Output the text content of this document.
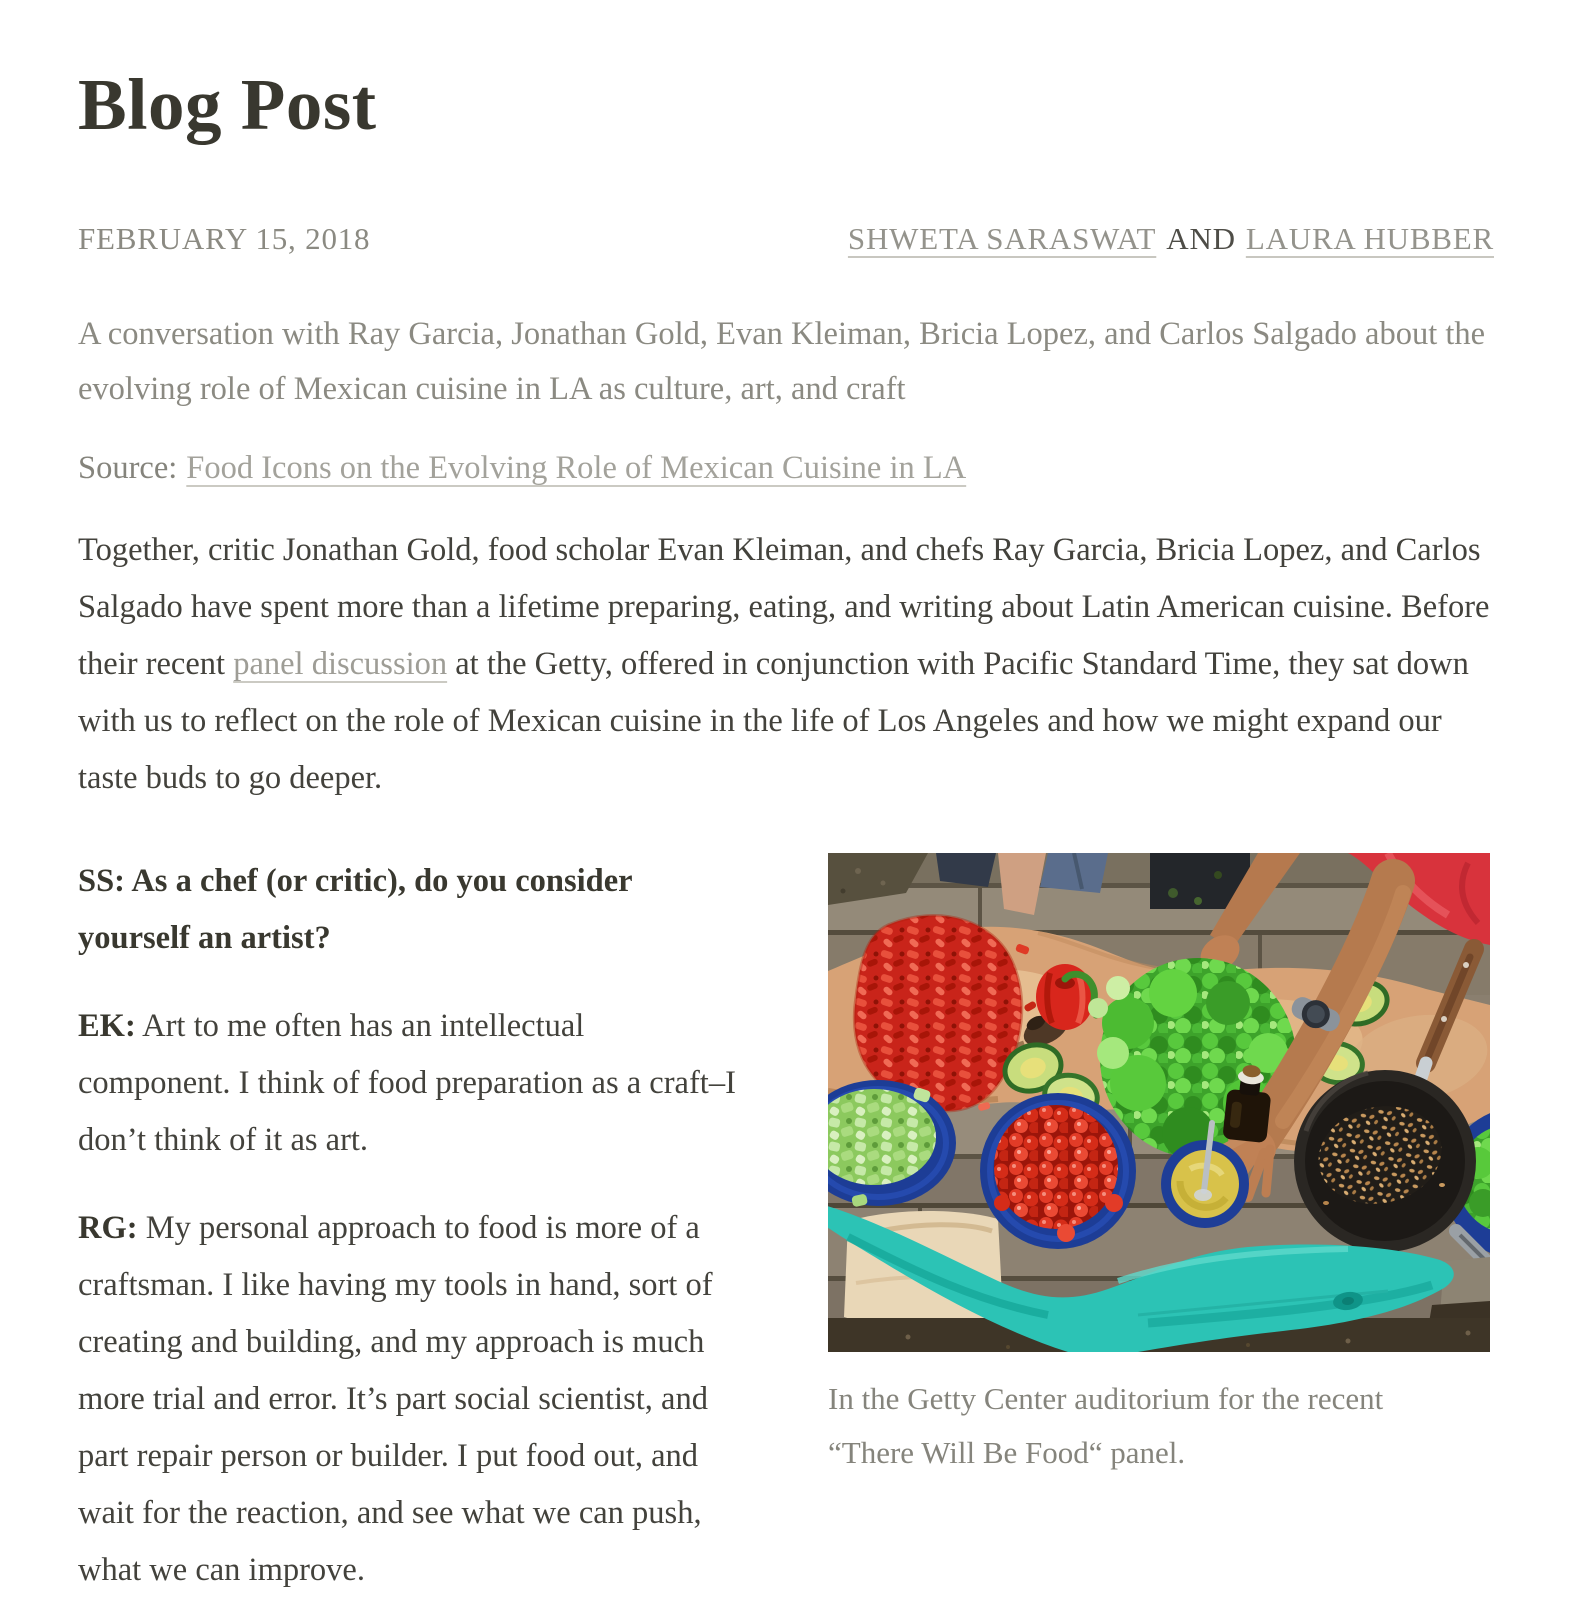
Blog Post
FEBRUARY 15, 2018	SHWETA SARASWAT AND LAURA HUBBER

A conversation with Ray Garcia, Jonathan Gold, Evan Kleiman, Bricia Lopez, and Carlos Salgado about the evolving role of Mexican cuisine in LA as culture, art, and craft

Source: Food Icons on the Evolving Role of Mexican Cuisine in LA

Together, critic Jonathan Gold, food scholar Evan Kleiman, and chefs Ray Garcia, Bricia Lopez, and Carlos Salgado have spent more than a lifetime preparing, eating, and writing about Latin American cuisine. Before their recent panel discussion at the Getty, offered in conjunction with Pacific Standard Time, they sat down with us to reflect on the role of Mexican cuisine in the life of Los Angeles and how we might expand our taste buds to go deeper.

SS: As a chef (or critic), do you consider yourself an artist?

EK: Art to me often has an intellectual component. I think of food preparation as a craft–I don’t think of it as art.

RG: My personal approach to food is more of a craftsman. I like having my tools in hand, sort of creating and building, and my approach is much more trial and error. It’s part social scientist, and part repair person or builder. I put food out, and wait for the reaction, and see what we can push, what we can improve.

In the Getty Center auditorium for the recent “There Will Be Food“ panel.
